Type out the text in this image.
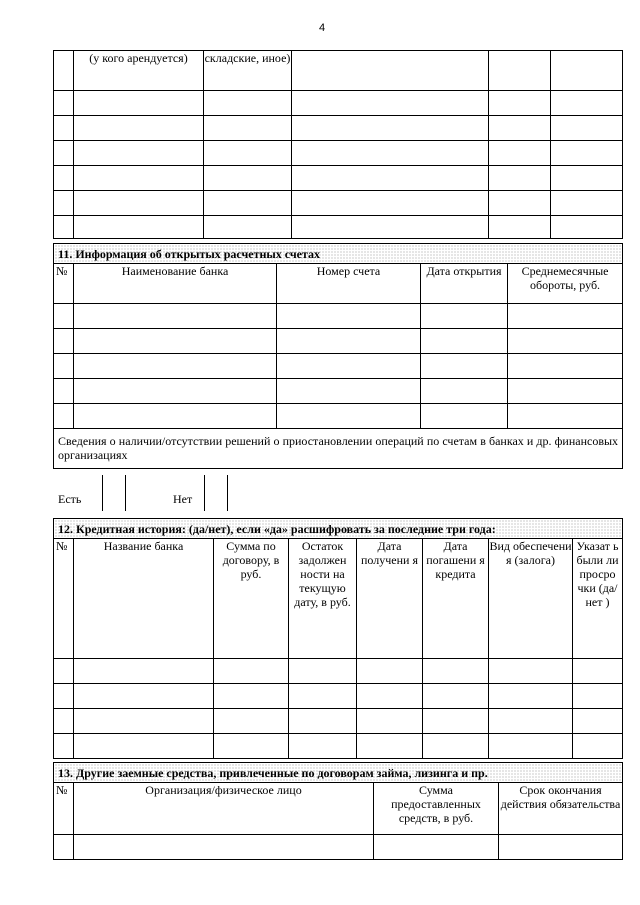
4
	(у кого арендуется)	складские, иное)			

11. Информация об открытых расчетных счетах				
№	Наименование банка	Номер счета	Дата открытия	Среднемесячные обороты, руб.

Сведения о наличии/отсутствии решений о приостановлении операций по счетам в банках и др. финансовых организациях				
Есть	Нет
12. Кредитная история: (да/нет), если «да» расшифровать за последние три года:							
№	Название банка	Сумма по договору, в руб.	Остаток задолжен ности на текущую дату, в руб.	Дата получени я	Дата погашени я кредита	Вид обеспечени я (залога)	Указат ь были ли просро чки (да/нет )

13. Другие заемные средства, привлеченные по договорам займа, лизинга и пр.			
№	Организация/физическое лицо	Сумма предоставленных средств, в руб.	Срок окончания действия обязательства
